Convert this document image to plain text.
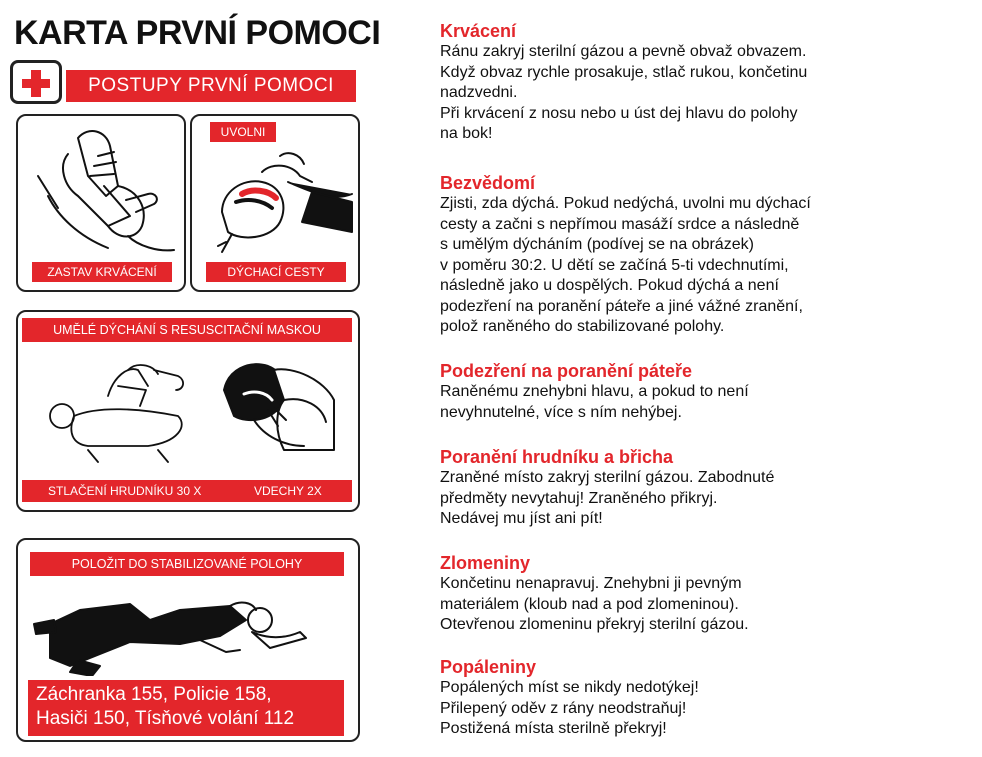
KARTA PRVNÍ POMOCI
POSTUPY PRVNÍ POMOCI
ZASTAV KRVÁCENÍ
UVOLNI
DÝCHACÍ CESTY
UMĚLÉ DÝCHÁNÍ S RESUSCITAČNÍ MASKOU
STLAČENÍ HRUDNÍKU 30 X	VDECHY 2X
POLOŽIT DO STABILIZOVANÉ POLOHY
Záchranka 155, Policie 158,
Hasiči 150, Tísňové volání 112
Krvácení

Ránu zakryj sterilní gázou a pevně obvaž obvazem.

Když obvaz rychle prosakuje, stlač rukou, končetinu

nadzvedni.

Při krvácení z nosu nebo u úst dej hlavu do polohy

na bok!

Bezvědomí

Zjisti, zda dýchá. Pokud nedýchá, uvolni mu dýchací

cesty a začni s nepřímou masáží srdce a následně

s umělým dýcháním (podívej se na obrázek)

v poměru 30:2. U dětí se začíná 5-ti vdechnutími,

následně jako u dospělých. Pokud dýchá a není

podezření na poranění páteře a jiné vážné zranění,

polož raněného do stabilizované polohy.

Podezření na poranění páteře

Raněnému znehybni hlavu, a pokud to není

nevyhnutelné, více s ním nehýbej.

Poranění hrudníku a břicha

Zraněné místo zakryj sterilní gázou. Zabodnuté

předměty nevytahuj! Zraněného přikryj.

Nedávej mu jíst ani pít!

Zlomeniny

Končetinu nenapravuj. Znehybni ji pevným

materiálem (kloub nad a pod zlomeninou).

Otevřenou zlomeninu překryj sterilní gázou.

Popáleniny

Popálených míst se nikdy nedotýkej!

Přilepený oděv z rány neodstraňuj!

Postižená místa sterilně překryj!
